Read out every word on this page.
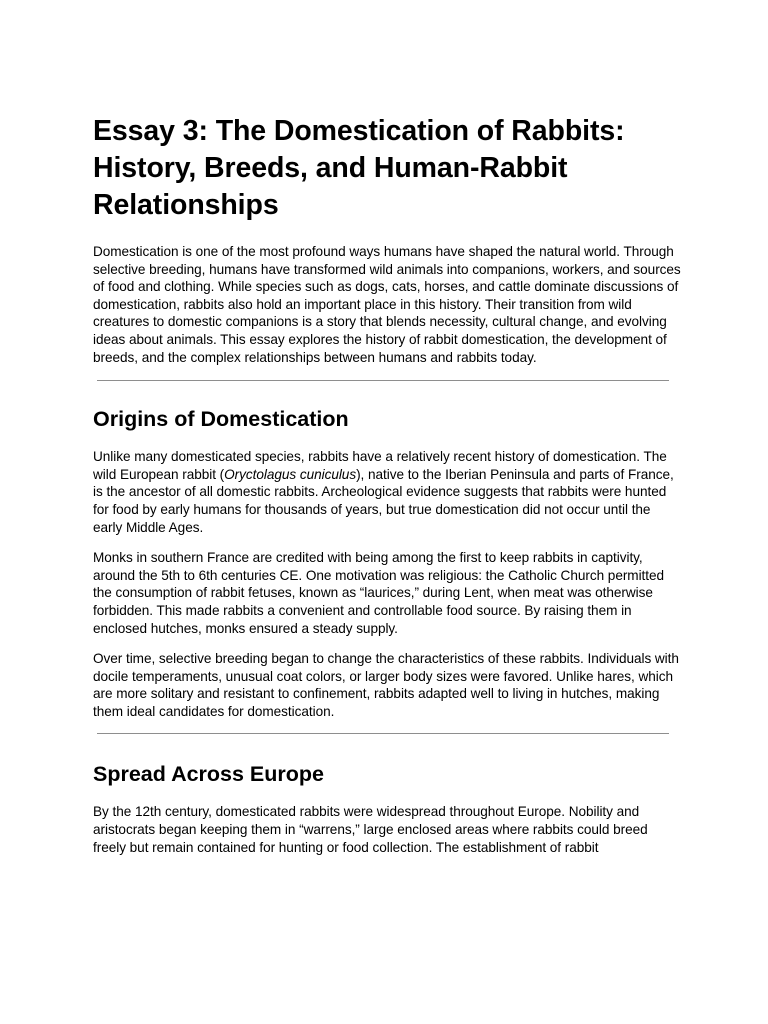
Essay 3: The Domestication of Rabbits: History, Breeds, and Human-Rabbit Relationships

Domestication is one of the most profound ways humans have shaped the natural world. Through selective breeding, humans have transformed wild animals into companions, workers, and sources of food and clothing. While species such as dogs, cats, horses, and cattle dominate discussions of domestication, rabbits also hold an important place in this history. Their transition from wild creatures to domestic companions is a story that blends necessity, cultural change, and evolving ideas about animals. This essay explores the history of rabbit domestication, the development of breeds, and the complex relationships between humans and rabbits today.

Origins of Domestication

Unlike many domesticated species, rabbits have a relatively recent history of domestication. The wild European rabbit (Oryctolagus cuniculus), native to the Iberian Peninsula and parts of France, is the ancestor of all domestic rabbits. Archeological evidence suggests that rabbits were hunted for food by early humans for thousands of years, but true domestication did not occur until the early Middle Ages.

Monks in southern France are credited with being among the first to keep rabbits in captivity, around the 5th to 6th centuries CE. One motivation was religious: the Catholic Church permitted the consumption of rabbit fetuses, known as “laurices,” during Lent, when meat was otherwise forbidden. This made rabbits a convenient and controllable food source. By raising them in enclosed hutches, monks ensured a steady supply.

Over time, selective breeding began to change the characteristics of these rabbits. Individuals with docile temperaments, unusual coat colors, or larger body sizes were favored. Unlike hares, which are more solitary and resistant to confinement, rabbits adapted well to living in hutches, making them ideal candidates for domestication.

Spread Across Europe

By the 12th century, domesticated rabbits were widespread throughout Europe. Nobility and aristocrats began keeping them in “warrens,” large enclosed areas where rabbits could breed freely but remain contained for hunting or food collection. The establishment of rabbit
